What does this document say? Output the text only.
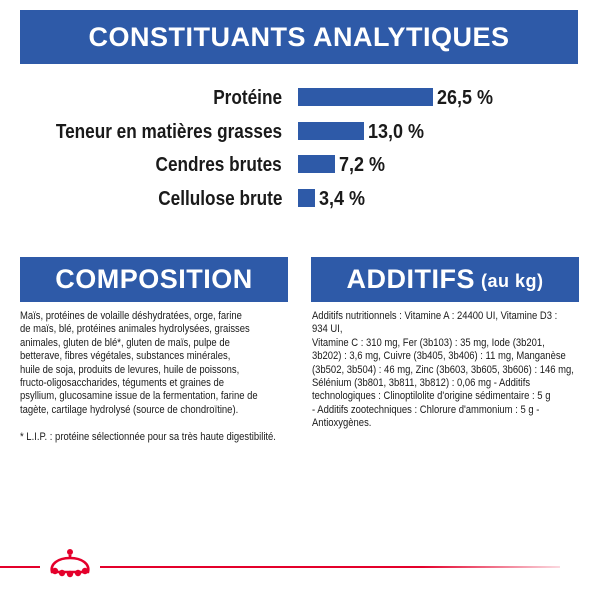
CONSTITUANTS ANALYTIQUES
Protéine	26,5 %
Teneur en matières grasses	13,0 %
Cendres brutes	7,2 %
Cellulose brute 3,4 %
COMPOSITION	ADDITIFS (au kg)
Maïs, protéines de volaille déshydratées, orge, farine
de maïs, blé, protéines animales hydrolysées, graisses
animales, gluten de blé*, gluten de maïs, pulpe de
betterave, fibres végétales, substances minérales,
huile de soja, produits de levures, huile de poissons,
fructo-oligosaccharides, téguments et graines de
psyllium, glucosamine issue de la fermentation, farine de
tagète, cartilage hydrolysé (source de chondroïtine).
* L.I.P. : protéine sélectionnée pour sa très haute digestibilité.
Additifs nutritionnels : Vitamine A : 24400 UI, Vitamine D3 : 934 UI,
Vitamine C : 310 mg, Fer (3b103) : 35 mg, Iode (3b201,
3b202) : 3,6 mg, Cuivre (3b405, 3b406) : 11 mg, Manganèse
(3b502, 3b504) : 46 mg, Zinc (3b603, 3b605, 3b606) : 146 mg,
Sélénium (3b801, 3b811, 3b812) : 0,06 mg - Additifs
technologiques : Clinoptilolite d'origine sédimentaire : 5 g
- Additifs zootechniques : Chlorure d'ammonium : 5 g -
Antioxygènes.
